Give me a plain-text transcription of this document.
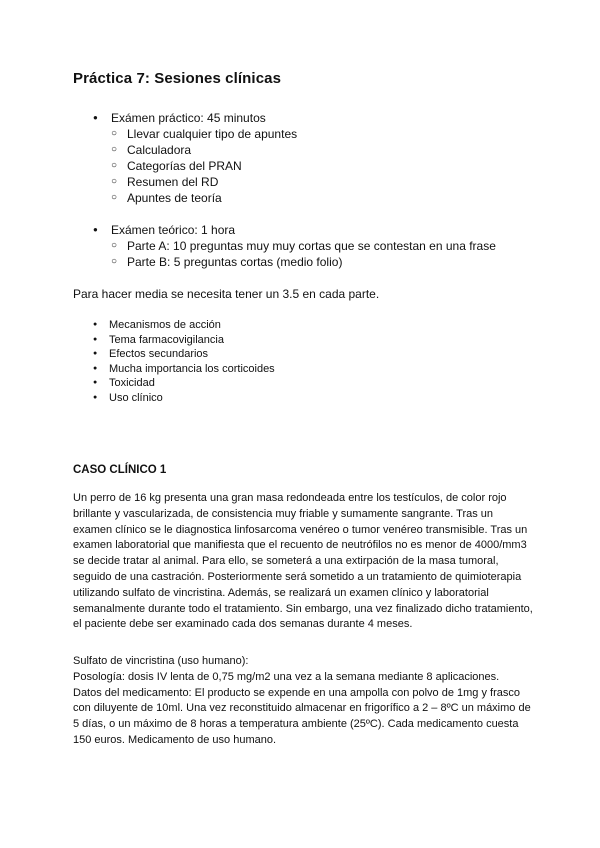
Práctica 7: Sesiones clínicas
● Exámen práctico: 45 minutos
○ Llevar cualquier tipo de apuntes
○ Calculadora
○ Categorías del PRAN
○ Resumen del RD
○ Apuntes de teoría
● Exámen teórico: 1 hora
○ Parte A: 10 preguntas muy muy cortas que se contestan en una frase
○ Parte B: 5 preguntas cortas (medio folio)
Para hacer media se necesita tener un 3.5 en cada parte.
● Mecanismos de acción
● Tema farmacovigilancia
● Efectos secundarios
● Mucha importancia los corticoides
● Toxicidad
● Uso clínico
CASO CLÍNICO 1

Un perro de 16 kg presenta una gran masa redondeada entre los testículos, de color rojo brillante y vascularizada, de consistencia muy friable y sumamente sangrante. Tras un examen clínico se le diagnostica linfosarcoma venéreo o tumor venéreo transmisible. Tras un examen laboratorial que manifiesta que el recuento de neutrófilos no es menor de 4000/mm3 se decide tratar al animal. Para ello, se someterá a una extirpación de la masa tumoral, seguido de una castración. Posteriormente será sometido a un tratamiento de quimioterapia utilizando sulfato de vincristina. Además, se realizará un examen clínico y laboratorial semanalmente durante todo el tratamiento. Sin embargo, una vez finalizado dicho tratamiento, el paciente debe ser examinado cada dos semanas durante 4 meses.

Sulfato de vincristina (uso humano):
Posología: dosis IV lenta de 0,75 mg/m2 una vez a la semana mediante 8 aplicaciones.
Datos del medicamento: El producto se expende en una ampolla con polvo de 1mg y frasco con diluyente de 10ml. Una vez reconstituido almacenar en frigorífico a 2 – 8ºC un máximo de 5 días, o un máximo de 8 horas a temperatura ambiente (25ºC). Cada medicamento cuesta 150 euros. Medicamento de uso humano.
